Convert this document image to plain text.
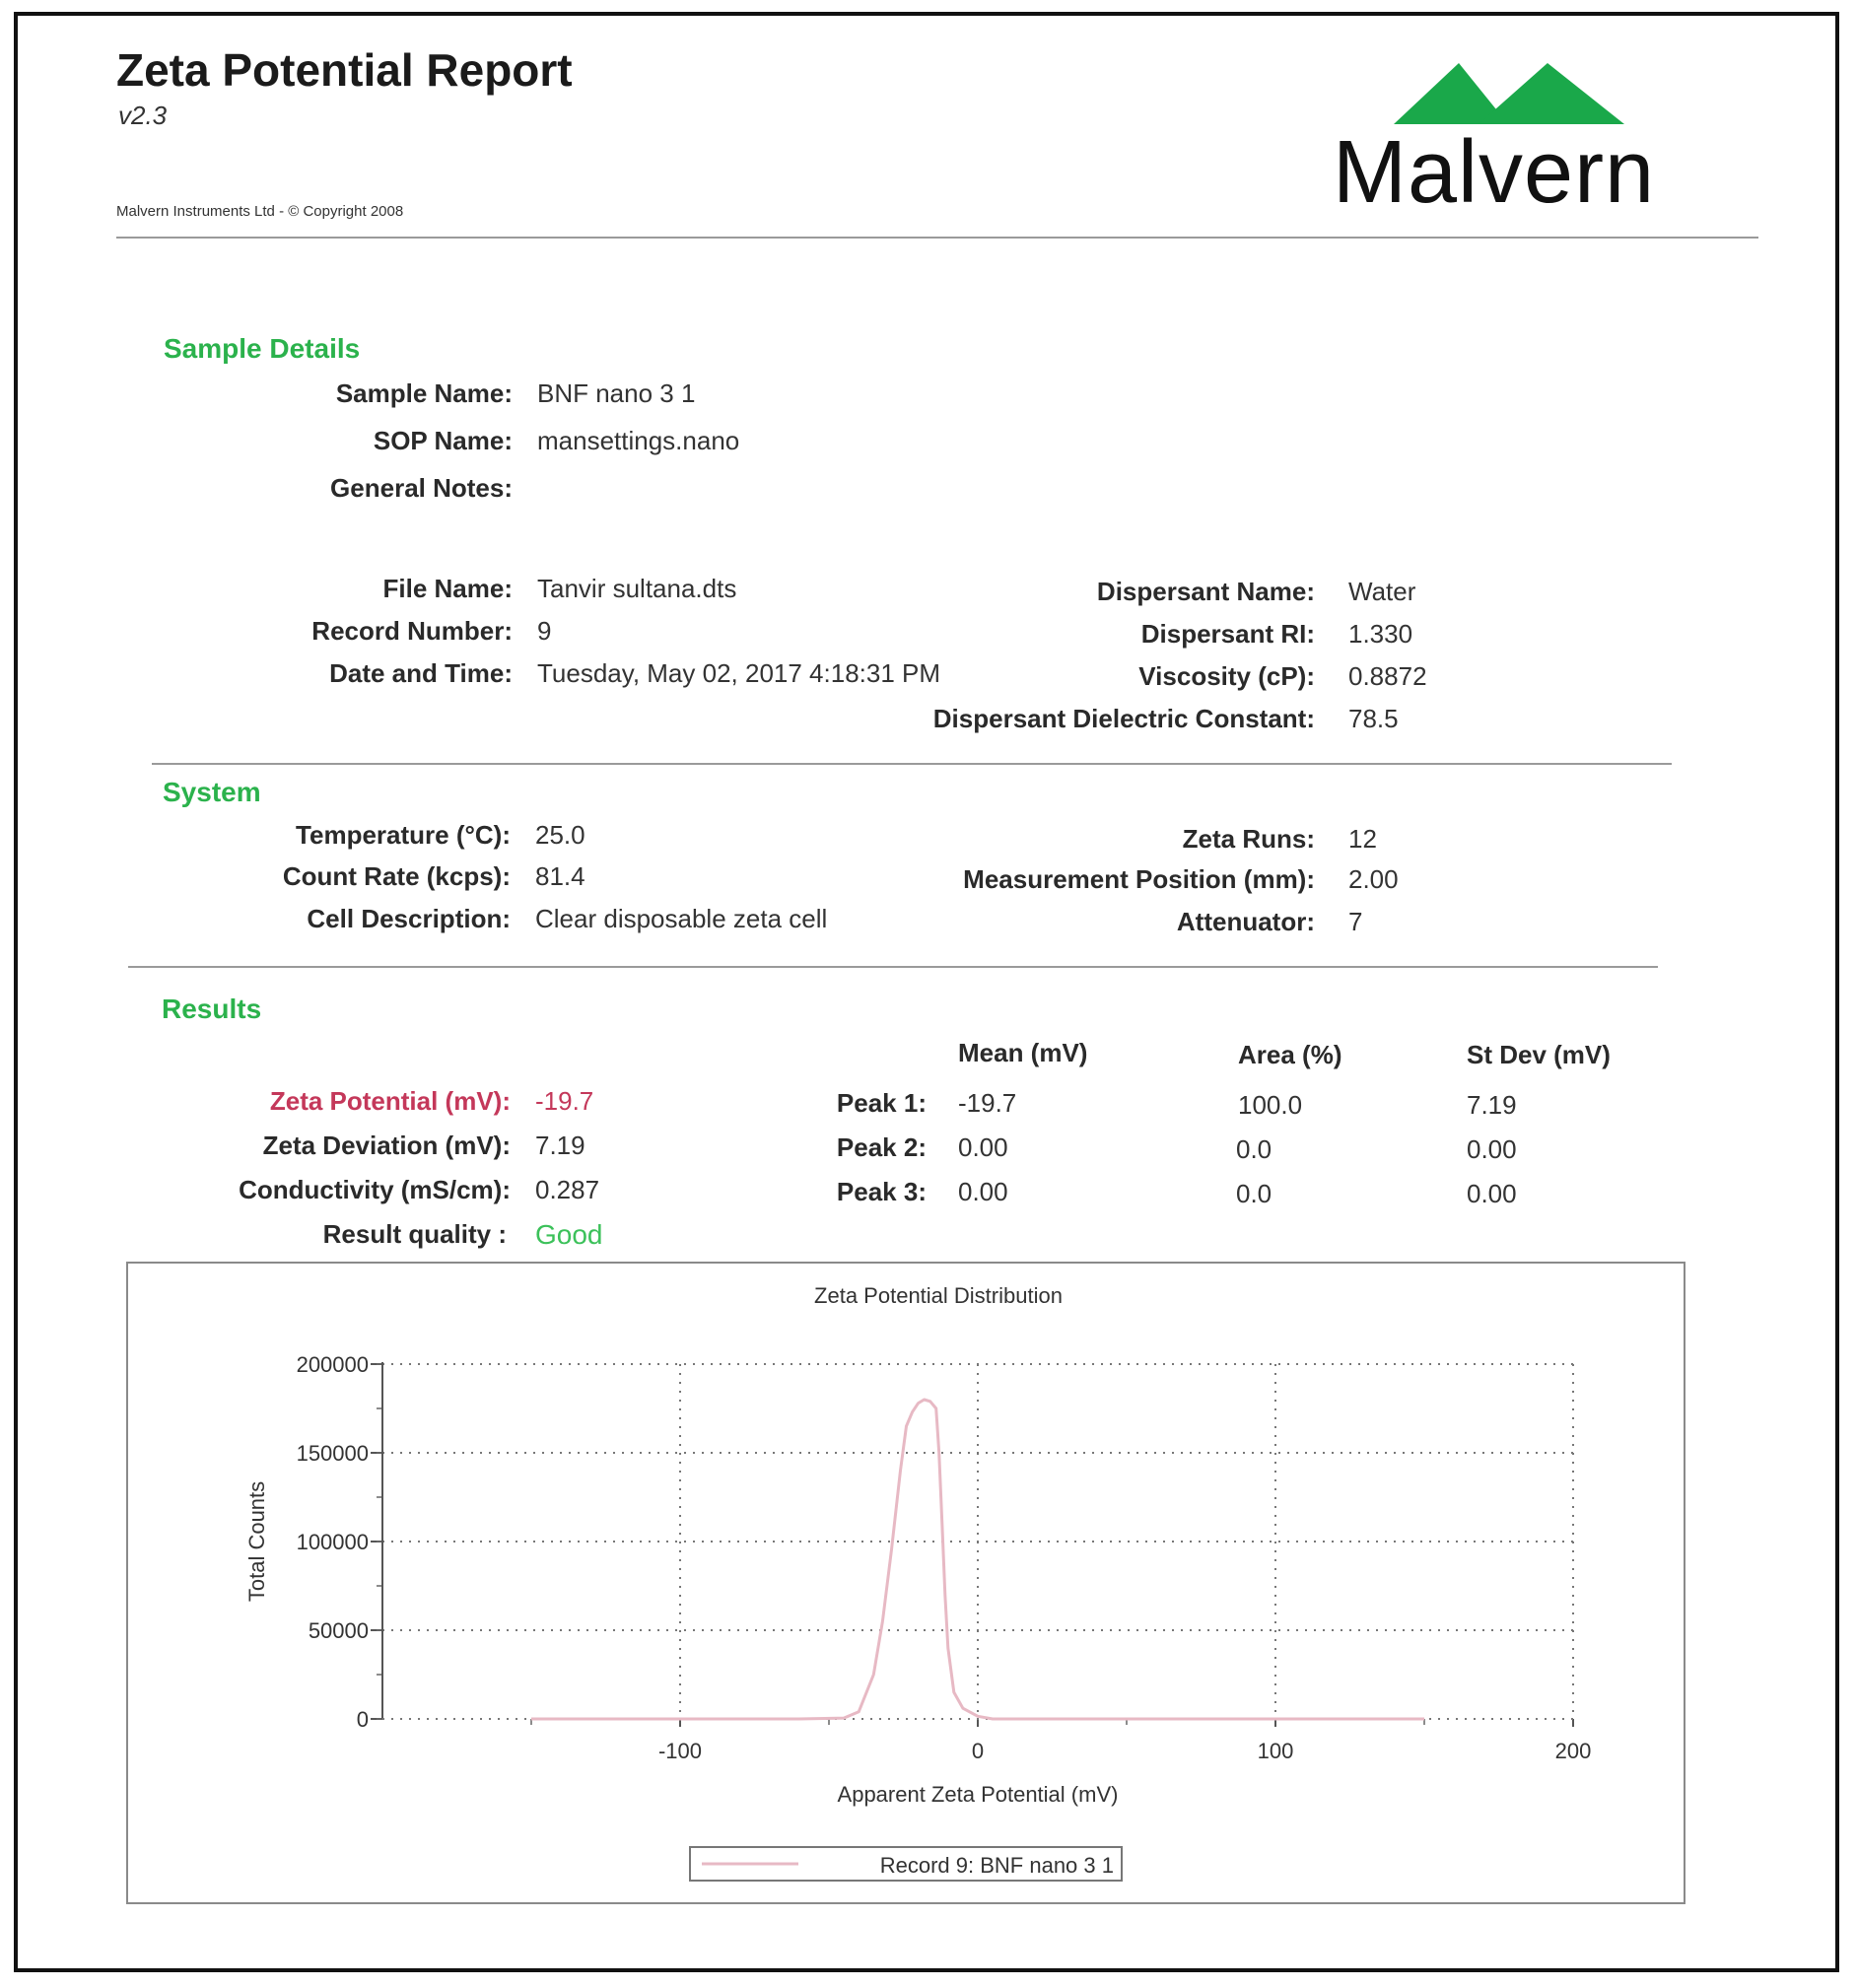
Zeta Potential Report
v2.3
Malvern Instruments Ltd - © Copyright 2008	Malvern
Sample Details
Sample Name: BNF nano 3 1
SOP Name: mansettings.nano
General Notes:
File Name: Tanvir sultana.dts
Record Number: 9
Date and Time: Tuesday, May 02, 2017 4:18:31 PM
Dispersant Name: Water
Dispersant RI: 1.330
Viscosity (cP): 0.8872
Dispersant Dielectric Constant: 78.5
System
Temperature (°C): 25.0
Count Rate (kcps): 81.4
Cell Description: Clear disposable zeta cell
Zeta Runs: 12
Measurement Position (mm): 2.00
Attenuator: 7
Results
Mean (mV)	Area (%)	St Dev (mV)
Zeta Potential (mV): -19.7
Zeta Deviation (mV): 7.19
Conductivity (mS/cm): 0.287
Result quality : Good
Peak 1: -19.7	100.0	7.19
Peak 2: 0.00	0.0	0.00
Peak 3: 0.00	0.0	0.00
Zeta Potential Distribution
200000
150000
100000
50000
0
-100	0	100	200
Apparent Zeta Potential (mV)
Total Counts
Record 9: BNF nano 3 1
